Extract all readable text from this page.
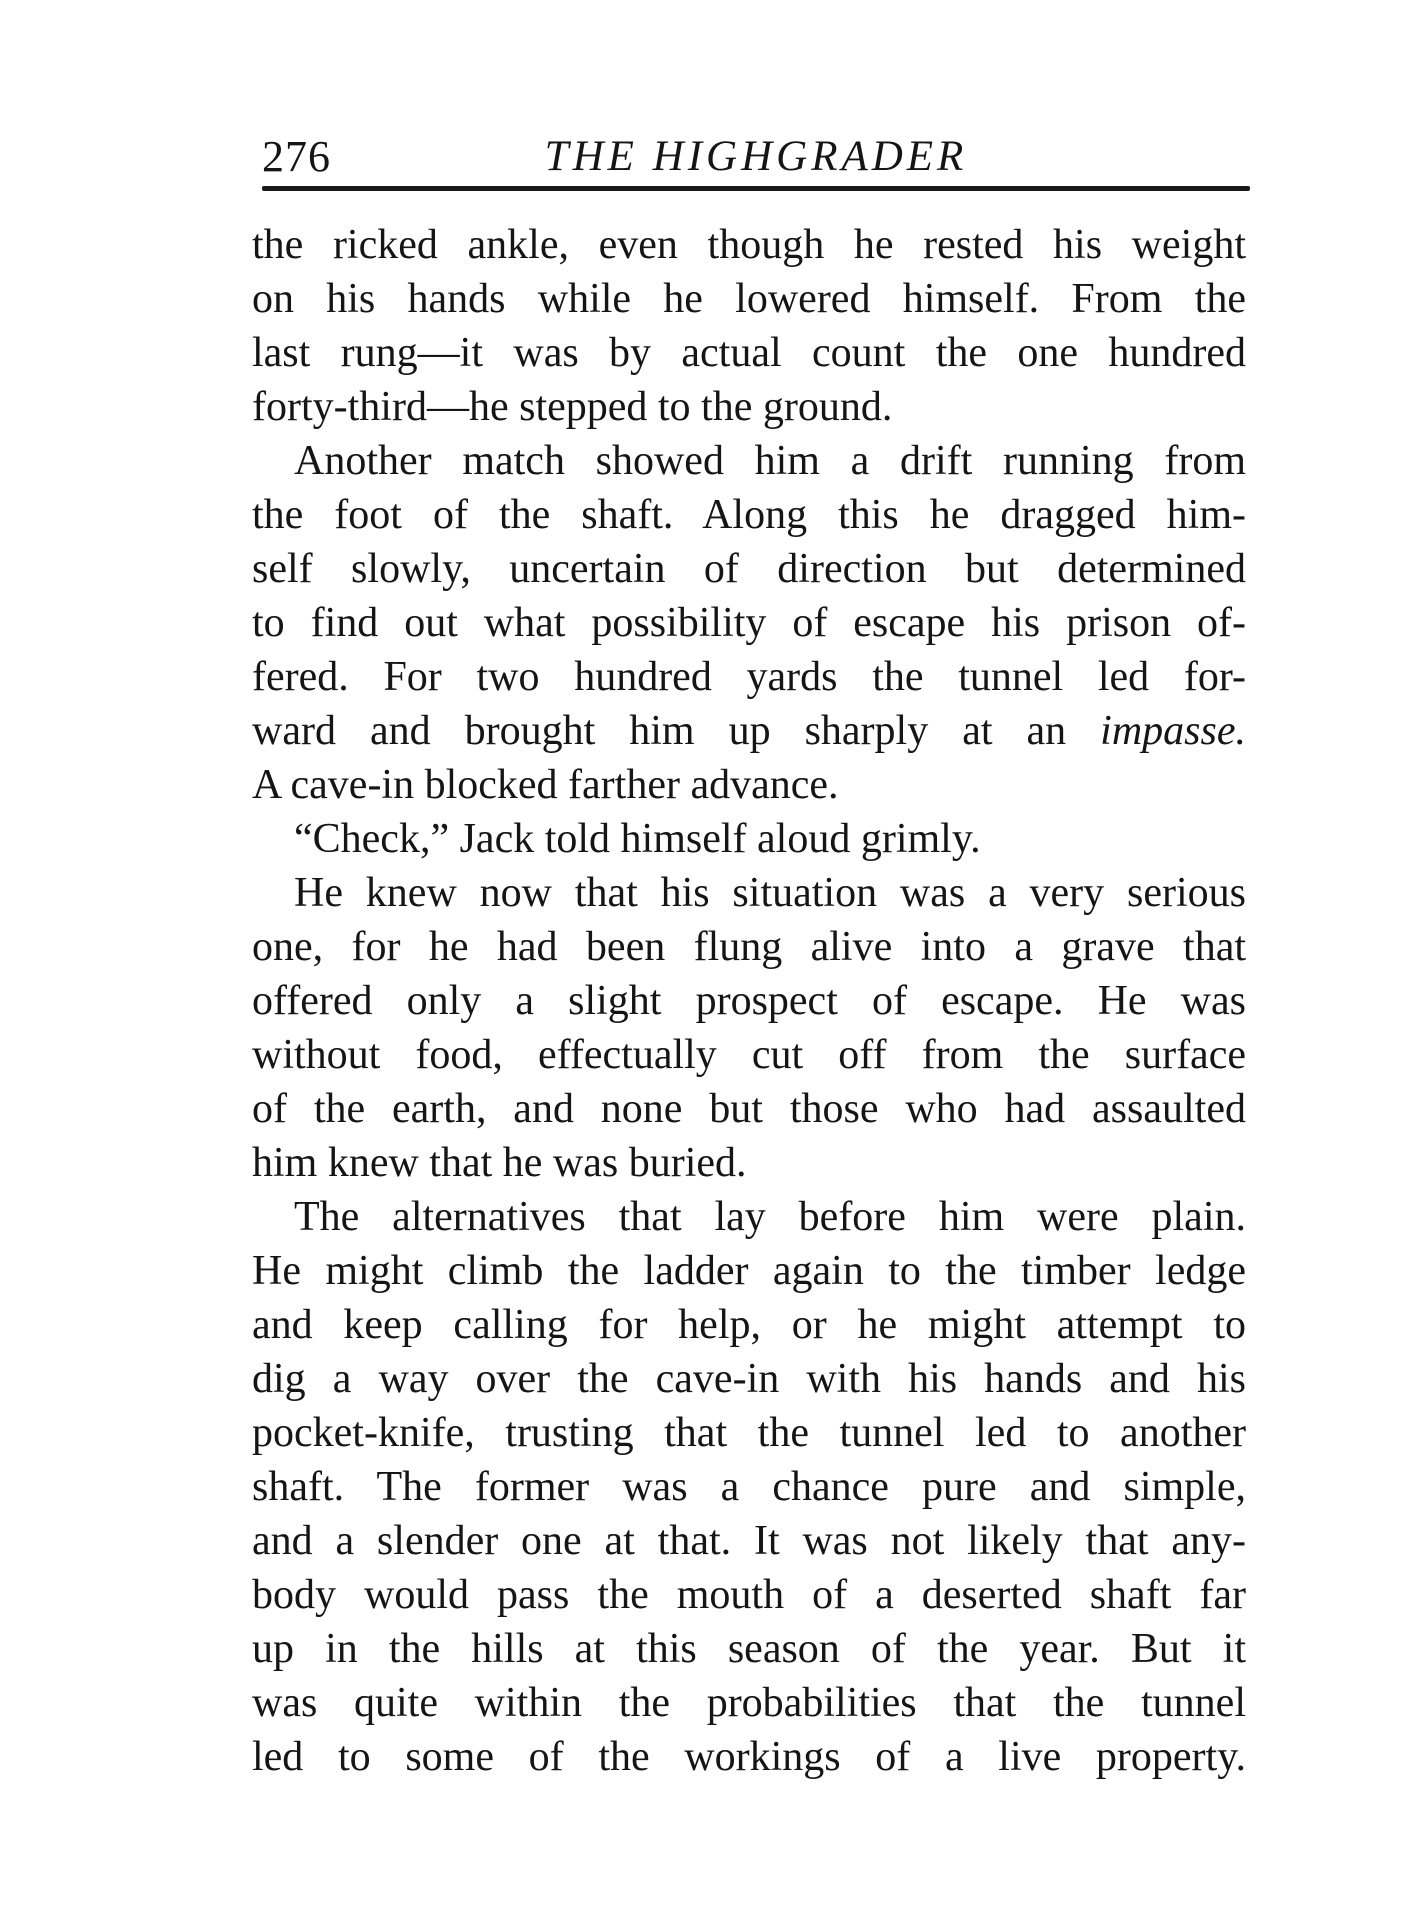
276	THE HIGHGRADER
the ricked ankle, even though he rested his weight
on his hands while he lowered himself. From the
last rung—it was by actual count the one hundred
forty-third—he stepped to the ground.
Another match showed him a drift running from
the foot of the shaft. Along this he dragged him-
self slowly, uncertain of direction but determined
to find out what possibility of escape his prison of-
fered. For two hundred yards the tunnel led for-
ward and brought him up sharply at an impasse.
A cave-in blocked farther advance.
“Check,” Jack told himself aloud grimly.
He knew now that his situation was a very serious
one, for he had been flung alive into a grave that
offered only a slight prospect of escape. He was
without food, effectually cut off from the surface
of the earth, and none but those who had assaulted
him knew that he was buried.
The alternatives that lay before him were plain.
He might climb the ladder again to the timber ledge
and keep calling for help, or he might attempt to
dig a way over the cave-in with his hands and his
pocket-knife, trusting that the tunnel led to another
shaft. The former was a chance pure and simple,
and a slender one at that. It was not likely that any-
body would pass the mouth of a deserted shaft far
up in the hills at this season of the year. But it
was quite within the probabilities that the tunnel
led to some of the workings of a live property.
